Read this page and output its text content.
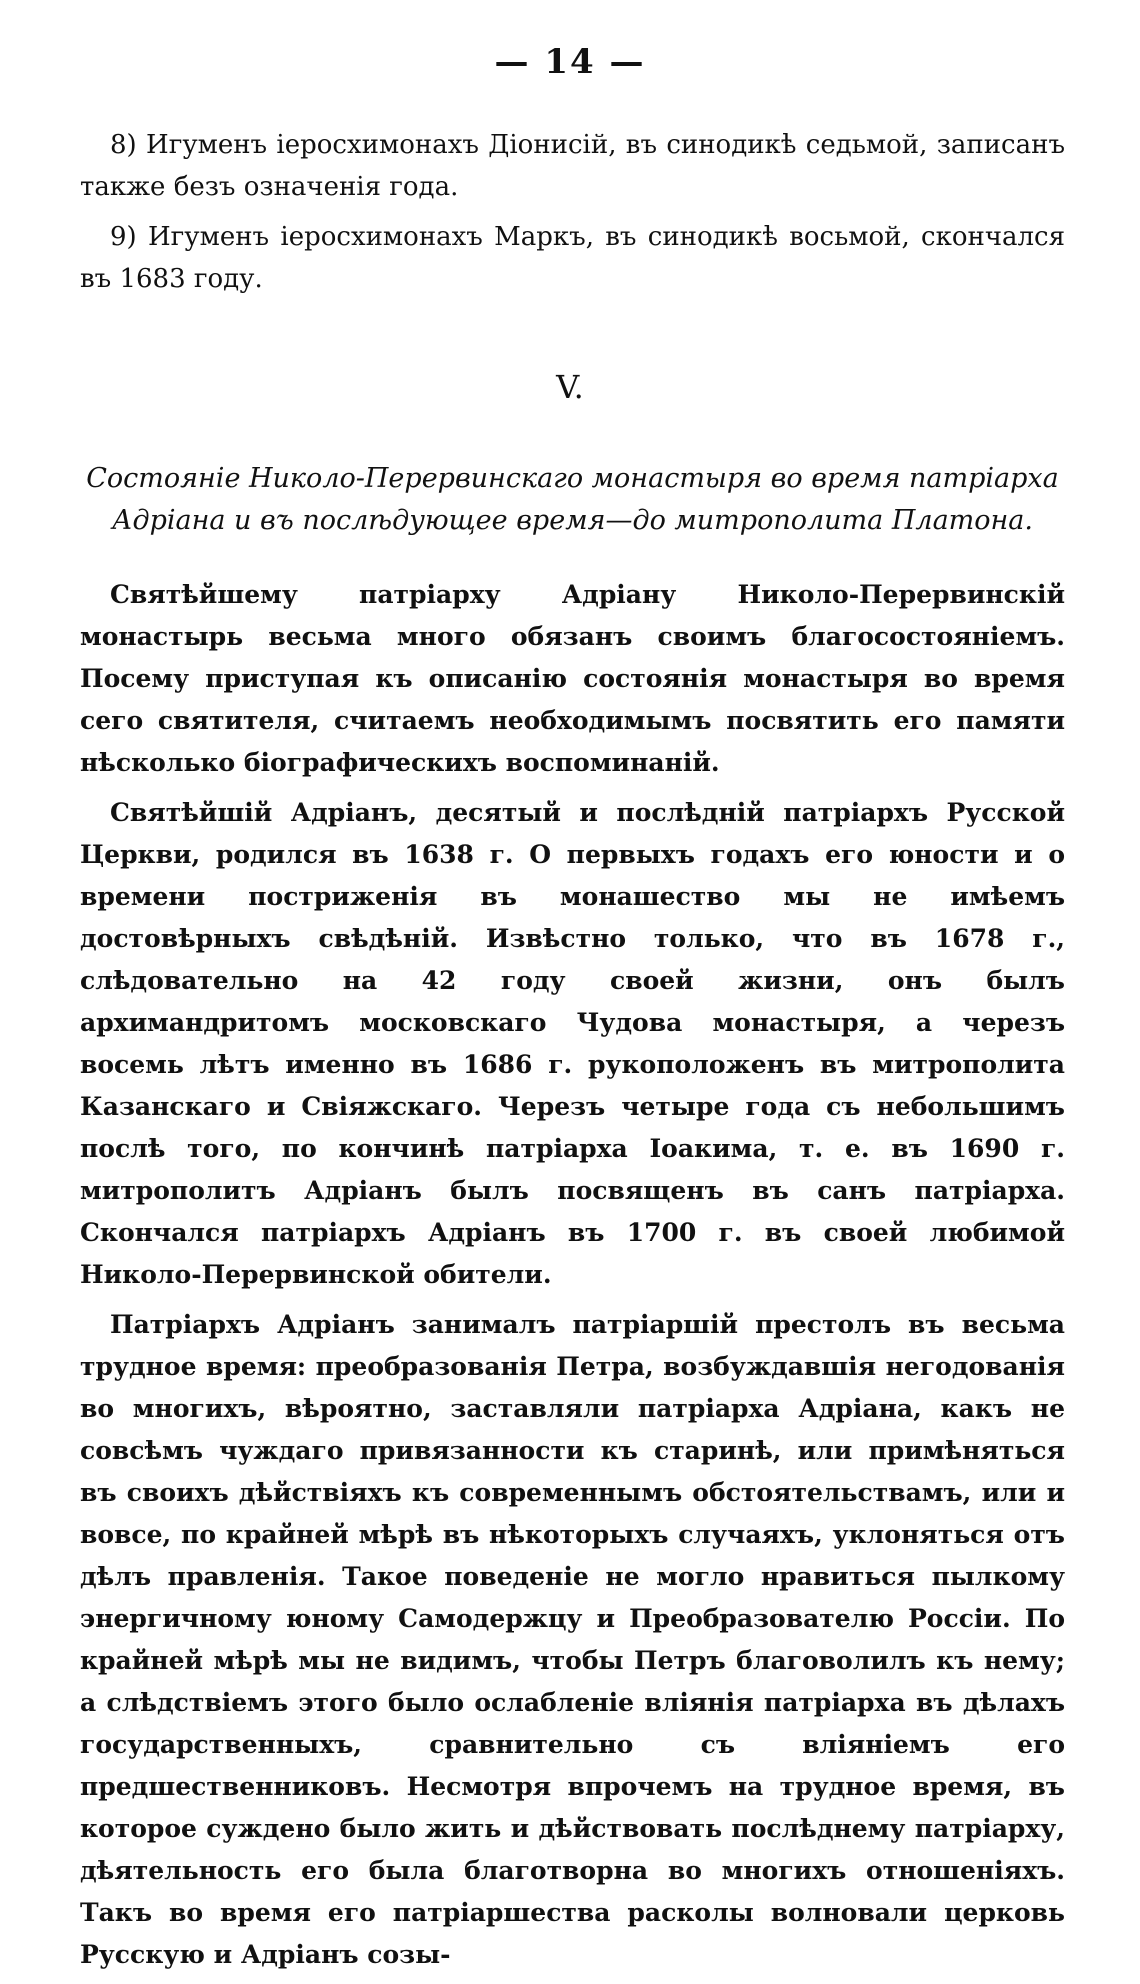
— 14 —

8) Игуменъ іеросхимонахъ Діонисій, въ синодикѣ седьмой, записанъ также безъ означенія года.

9) Игуменъ іеросхимонахъ Маркъ, въ синодикѣ восьмой, скончался въ 1683 году.

V.
Состояніе Николо-Перервинскаго монастыря во время патріарха
Адріана и въ послѣдующее время—до митрополита Платона.

Святѣйшему патріарху Адріану Николо-Перервинскій монастырь весьма много обязанъ своимъ благосостояніемъ. Посему приступая къ описанію состоянія монастыря во время сего святителя, считаемъ необходимымъ посвятить его памяти нѣсколько біографическихъ воспоминаній.

Святѣйшій Адріанъ, десятый и послѣдній патріархъ Русской Церкви, родился въ 1638 г. О первыхъ годахъ его юности и о времени постриженія въ монашество мы не имѣемъ достовѣрныхъ свѣдѣній. Извѣстно только, что въ 1678 г., слѣдовательно на 42 году своей жизни, онъ былъ архимандритомъ московскаго Чудова монастыря, а черезъ восемь лѣтъ именно въ 1686 г. рукоположенъ въ митрополита Казанскаго и Свіяжскаго. Черезъ четыре года съ небольшимъ послѣ того, по кончинѣ патріарха Іоакима, т. е. въ 1690 г. митрополитъ Адріанъ былъ посвященъ въ санъ патріарха. Скончался патріархъ Адріанъ въ 1700 г. въ своей любимой Николо-Перервинской обители.

Патріархъ Адріанъ занималъ патріаршій престолъ въ весьма трудное время: преобразованія Петра, возбуждавшія негодованія во многихъ, вѣроятно, заставляли патріарха Адріана, какъ не совсѣмъ чуждаго привязанности къ старинѣ, или примѣняться въ своихъ дѣйствіяхъ къ современнымъ обстоятельствамъ, или и вовсе, по крайней мѣрѣ въ нѣкоторыхъ случаяхъ, уклоняться отъ дѣлъ правленія. Такое поведеніе не могло нравиться пылкому энергичному юному Самодержцу и Преобразователю Россіи. По крайней мѣрѣ мы не видимъ, чтобы Петръ благоволилъ къ нему; а слѣдствіемъ этого было ослабленіе вліянія патріарха въ дѣлахъ государственныхъ, сравнительно съ вліяніемъ его предшественниковъ. Несмотря впрочемъ на трудное время, въ которое суждено было жить и дѣйствовать послѣднему патріарху, дѣятельность его была благотворна во многихъ отношеніяхъ. Такъ во время его патріаршества расколы волновали церковь Русскую и Адріанъ созы-
